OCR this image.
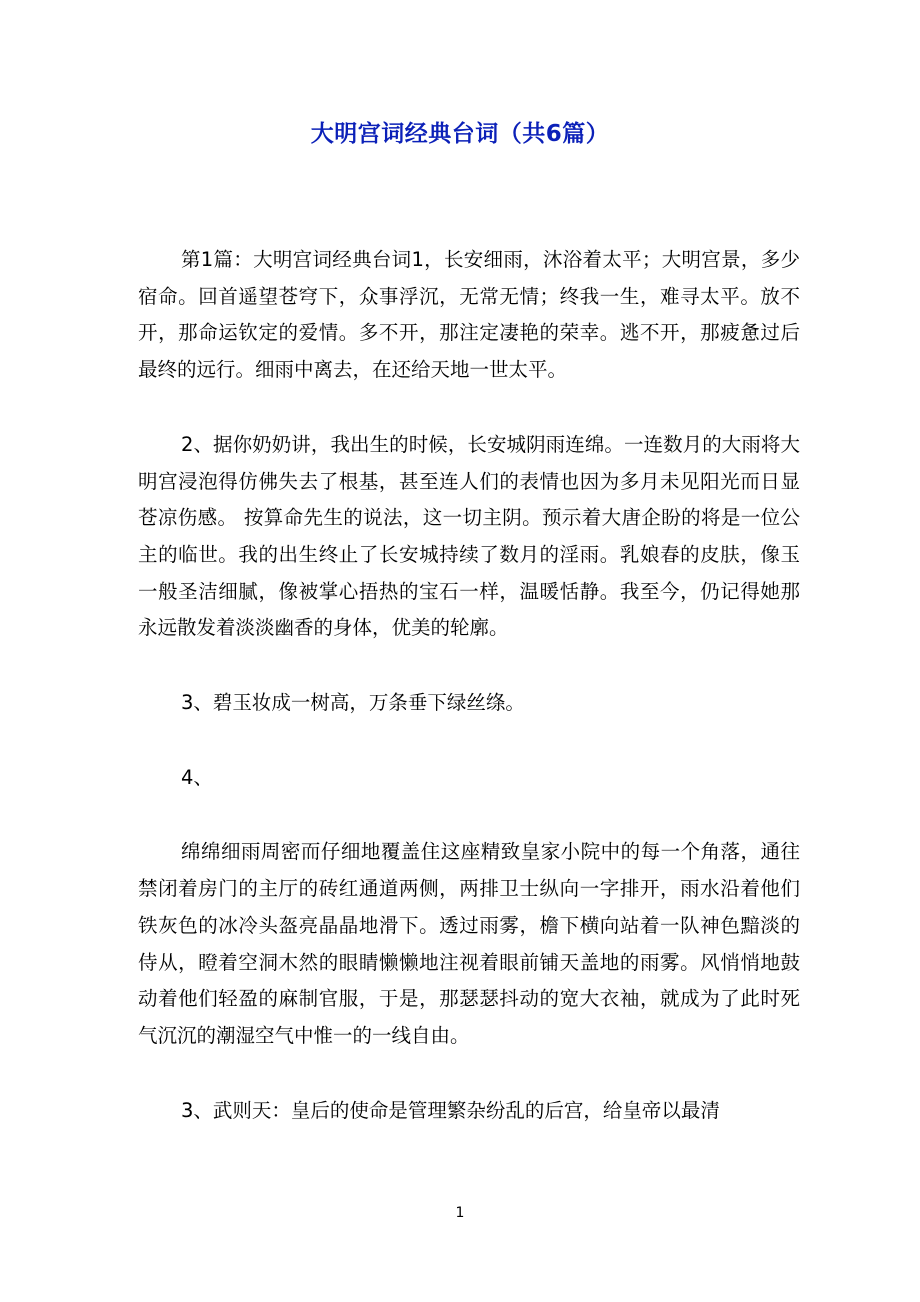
大明宫词经典台词（共6篇）

第1篇：大明宫词经典台词1，长安细雨，沐浴着太平；大明宫景，多少宿命。回首遥望苍穹下，众事浮沉，无常无情；终我一生，难寻太平。放不开，那命运钦定的爱情。多不开，那注定凄艳的荣幸。逃不开，那疲惫过后最终的远行。细雨中离去，在还给天地一世太平。

2、据你奶奶讲，我出生的时候，长安城阴雨连绵。一连数月的大雨将大明宫浸泡得仿佛失去了根基，甚至连人们的表情也因为多月未见阳光而日显苍凉伤感。 按算命先生的说法，这一切主阴。预示着大唐企盼的将是一位公主的临世。我的出生终止了长安城持续了数月的淫雨。乳娘春的皮肤，像玉一般圣洁细腻，像被掌心捂热的宝石一样，温暖恬静。我至今，仍记得她那永远散发着淡淡幽香的身体，优美的轮廓。

3、碧玉妆成一树高，万条垂下绿丝绦。

4、

绵绵细雨周密而仔细地覆盖住这座精致皇家小院中的每一个角落，通往禁闭着房门的主厅的砖红通道两侧，两排卫士纵向一字排开，雨水沿着他们铁灰色的冰冷头盔亮晶晶地滑下。透过雨雾，檐下横向站着一队神色黯淡的侍从，瞪着空洞木然的眼睛懒懒地注视着眼前铺天盖地的雨雾。风悄悄地鼓动着他们轻盈的麻制官服，于是，那瑟瑟抖动的宽大衣袖，就成为了此时死气沉沉的潮湿空气中惟一的一线自由。

3、武则天：皇后的使命是管理繁杂纷乱的后宫，给皇帝以最清

1
